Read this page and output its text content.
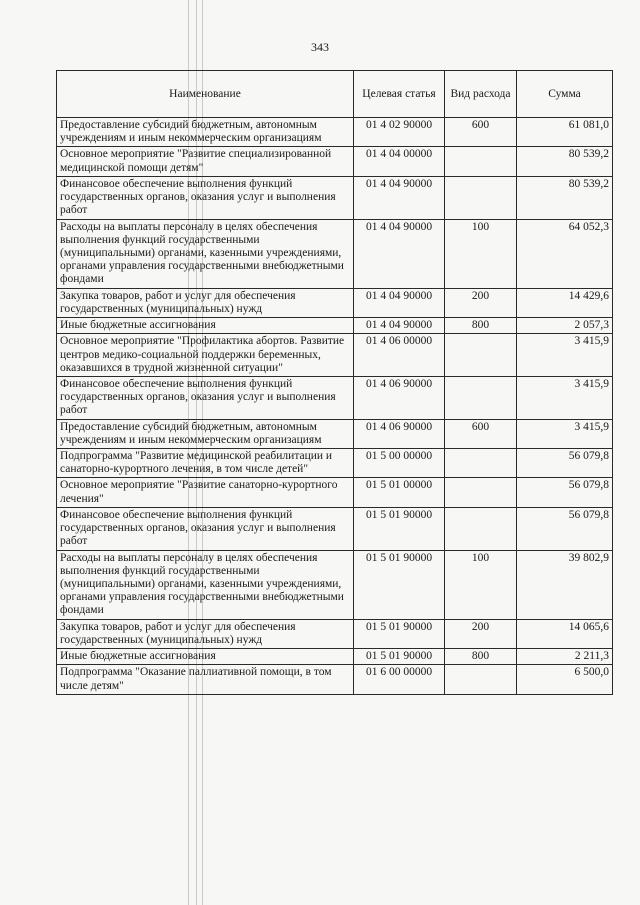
343
Наименование	Целевая статья	Вид расхода	Сумма
Предоставление субсидий бюджетным, автономным учреждениям и иным некоммерческим организациям	01 4 02 90000	600	61 081,0
Основное мероприятие "Развитие специализированной медицинской помощи детям"	01 4 04 00000		80 539,2
Финансовое обеспечение выполнения функций государственных органов, оказания услуг и выполнения работ	01 4 04 90000		80 539,2
Расходы на выплаты персоналу в целях обеспечения выполнения функций государственными (муниципальными) органами, казенными учреждениями, органами управления государственными внебюджетными фондами	01 4 04 90000	100	64 052,3
Закупка товаров, работ и услуг для обеспечения государственных (муниципальных) нужд	01 4 04 90000	200	14 429,6
Иные бюджетные ассигнования	01 4 04 90000	800	2 057,3
Основное мероприятие "Профилактика абортов. Развитие центров медико-социальной поддержки беременных, оказавшихся в трудной жизненной ситуации"	01 4 06 00000		3 415,9
Финансовое обеспечение выполнения функций государственных органов, оказания услуг и выполнения работ	01 4 06 90000		3 415,9
Предоставление субсидий бюджетным, автономным учреждениям и иным некоммерческим организациям	01 4 06 90000	600	3 415,9
Подпрограмма "Развитие медицинской реабилитации и санаторно-курортного лечения, в том числе детей"	01 5 00 00000		56 079,8
Основное мероприятие "Развитие санаторно-курортного лечения"	01 5 01 00000		56 079,8
Финансовое обеспечение выполнения функций государственных органов, оказания услуг и выполнения работ	01 5 01 90000		56 079,8
Расходы на выплаты персоналу в целях обеспечения выполнения функций государственными (муниципальными) органами, казенными учреждениями, органами управления государственными внебюджетными фондами	01 5 01 90000	100	39 802,9
Закупка товаров, работ и услуг для обеспечения государственных (муниципальных) нужд	01 5 01 90000	200	14 065,6
Иные бюджетные ассигнования	01 5 01 90000	800	2 211,3
Подпрограмма "Оказание паллиативной помощи, в том числе детям"	01 6 00 00000		6 500,0
